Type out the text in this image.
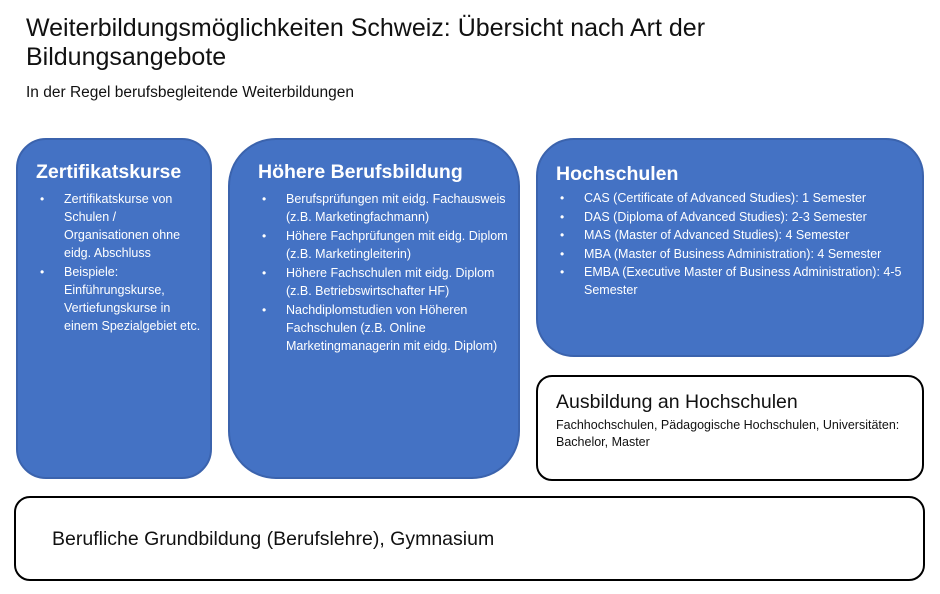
Weiterbildungsmöglichkeiten Schweiz: Übersicht nach Art der Bildungsangebote
In der Regel berufsbegleitende Weiterbildungen
Zertifikatskurse
• Zertifikatskurse von Schulen / Organisationen ohne eidg. Abschluss
• Beispiele: Einführungskurse, Vertiefungskurse in einem Spezialgebiet etc.
Höhere Berufsbildung
• Berufsprüfungen mit eidg. Fachausweis (z.B. Marketingfachmann)
• Höhere Fachprüfungen mit eidg. Diplom (z.B. Marketingleiterin)
• Höhere Fachschulen mit eidg. Diplom (z.B. Betriebswirtschafter HF)
• Nachdiplomstudien von Höheren Fachschulen (z.B. Online Marketingmanagerin mit eidg. Diplom)
Hochschulen
• CAS (Certificate of Advanced Studies): 1 Semester
• DAS (Diploma of Advanced Studies): 2-3 Semester
• MAS (Master of Advanced Studies): 4 Semester
• MBA (Master of Business Administration): 4 Semester
• EMBA (Executive Master of Business Administration): 4-5 Semester
Ausbildung an Hochschulen
Fachhochschulen, Pädagogische Hochschulen, Universitäten: Bachelor, Master
Berufliche Grundbildung (Berufslehre), Gymnasium
